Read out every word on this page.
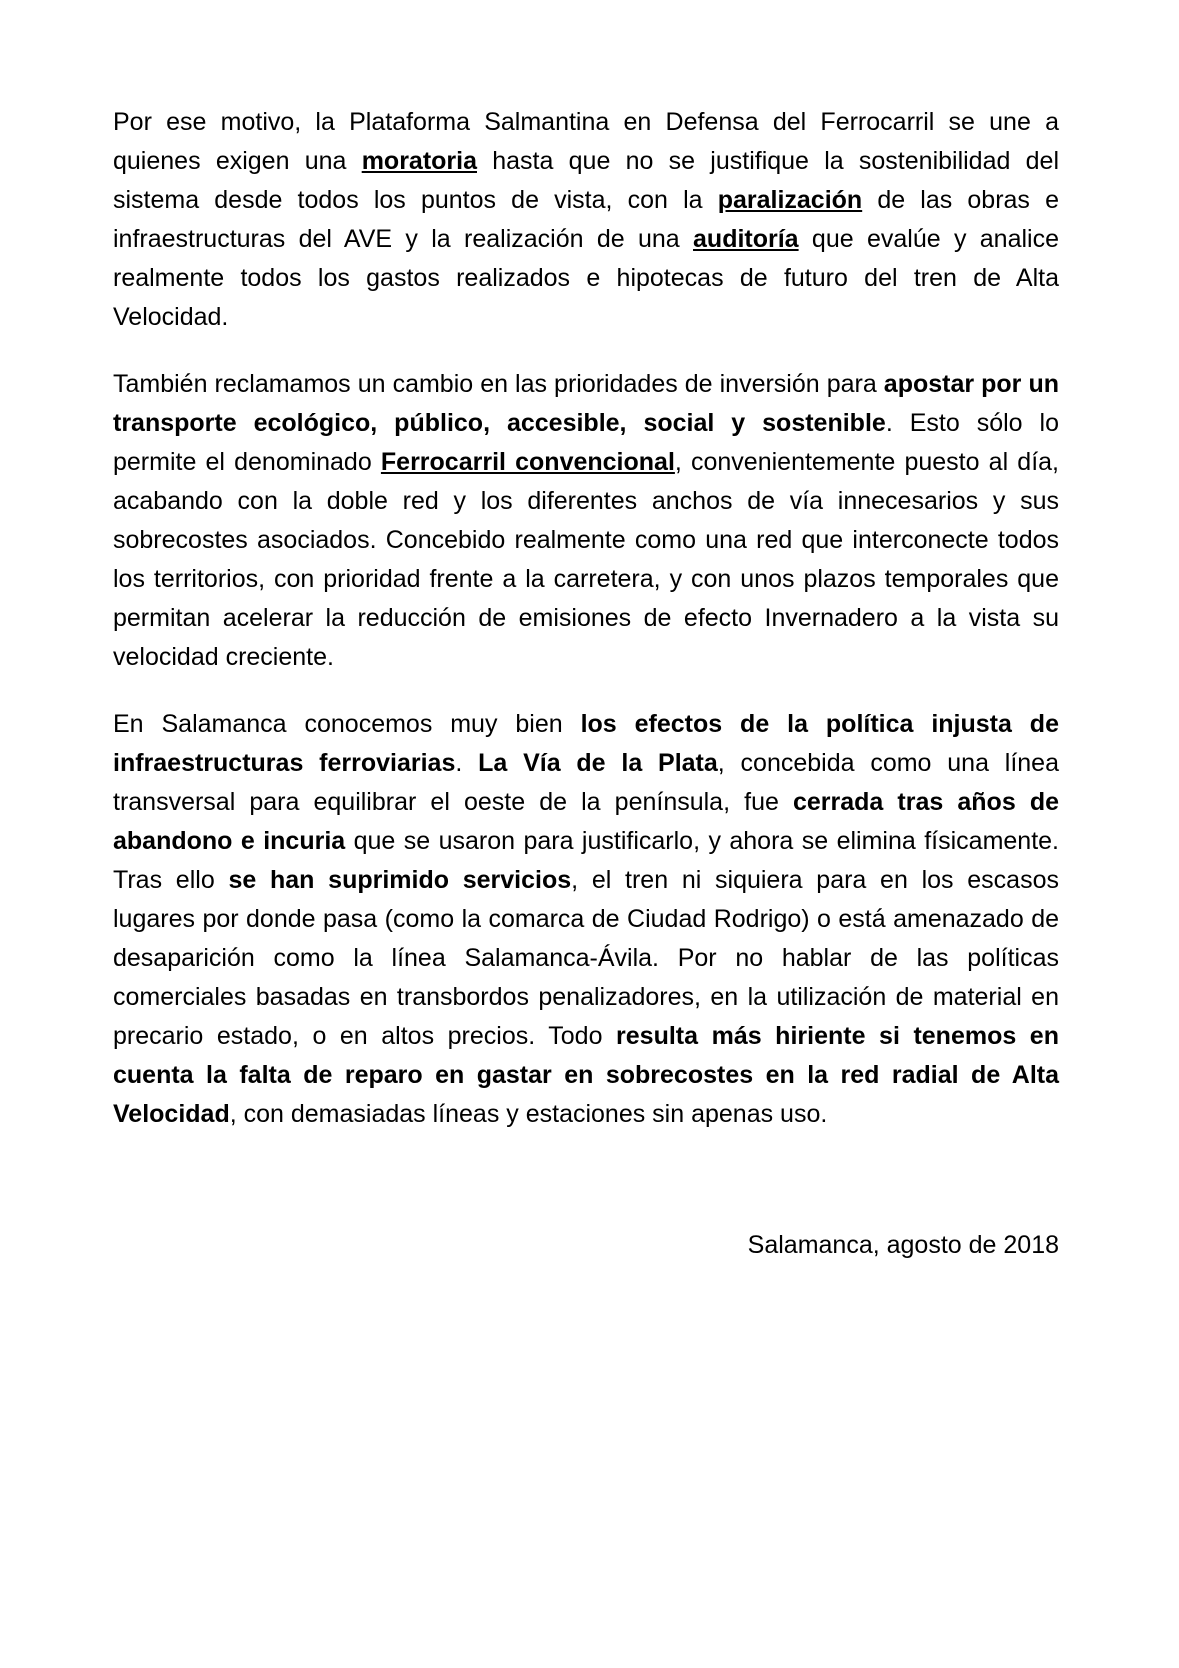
Por ese motivo, la Plataforma Salmantina en Defensa del Ferrocarril se une a quienes exigen una moratoria hasta que no se justifique la sostenibilidad del sistema desde todos los puntos de vista, con la paralización de las obras e infraestructuras del AVE y la realización de una auditoría que evalúe y analice realmente todos los gastos realizados e hipotecas de futuro del tren de Alta Velocidad.

También reclamamos un cambio en las prioridades de inversión para apostar por un transporte ecológico, público, accesible, social y sostenible. Esto sólo lo permite el denominado Ferrocarril convencional, convenientemente puesto al día, acabando con la doble red y los diferentes anchos de vía innecesarios y sus sobrecostes asociados. Concebido realmente como una red que interconecte todos los territorios, con prioridad frente a la carretera, y con unos plazos temporales que permitan acelerar la reducción de emisiones de efecto Invernadero a la vista su velocidad creciente.

En Salamanca conocemos muy bien los efectos de la política injusta de infraestructuras ferroviarias. La Vía de la Plata, concebida como una línea transversal para equilibrar el oeste de la península, fue cerrada tras años de abandono e incuria que se usaron para justificarlo, y ahora se elimina físicamente. Tras ello se han suprimido servicios, el tren ni siquiera para en los escasos lugares por donde pasa (como la comarca de Ciudad Rodrigo) o está amenazado de desaparición como la línea Salamanca-Ávila. Por no hablar de las políticas comerciales basadas en transbordos penalizadores, en la utilización de material en precario estado, o en altos precios. Todo resulta más hiriente si tenemos en cuenta la falta de reparo en gastar en sobrecostes en la red radial de Alta Velocidad, con demasiadas líneas y estaciones sin apenas uso.

Salamanca, agosto de 2018
